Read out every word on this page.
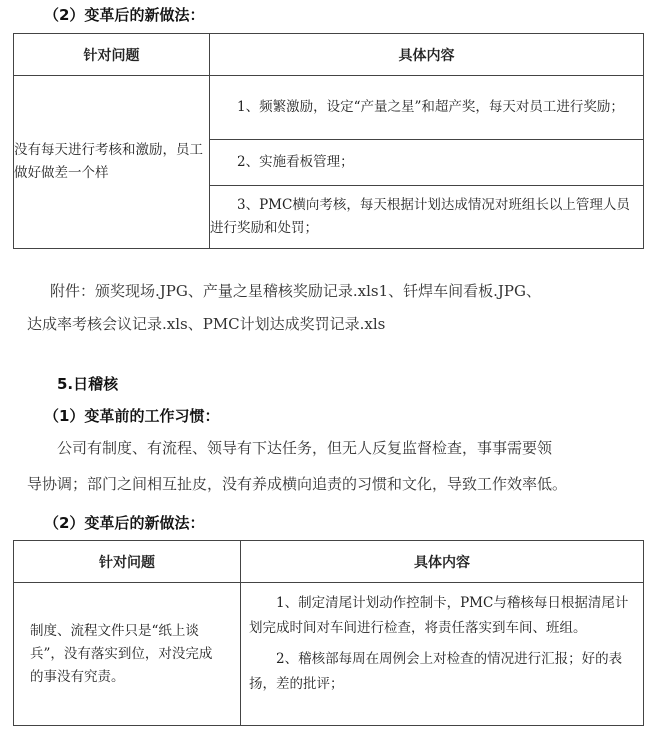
（2）变革后的新做法：
针对问题	具体内容
没有每天进行考核和激励，员工做好做差一个样	1、频繁激励，设定“产量之星”和超产奖，每天对员工进行奖励；
	2、实施看板管理；
	3、PMC横向考核，每天根据计划达成情况对班组长以上管理人员进行奖励和处罚；
附件：颁奖现场.JPG、产量之星稽核奖励记录.xls1、钎焊车间看板.JPG、
达成率考核会议记录.xls、PMC计划达成奖罚记录.xls
5.日稽核
（1）变革前的工作习惯：
公司有制度、有流程、领导有下达任务，但无人反复监督检查，事事需要领
导协调；部门之间相互扯皮，没有养成横向追责的习惯和文化，导致工作效率低。
（2）变革后的新做法：
针对问题	具体内容
制度、流程文件只是“纸上谈兵”，没有落实到位，对没完成的事没有究责。	1、制定清尾计划动作控制卡，PMC与稽核每日根据清尾计划完成时间对车间进行检查，将责任落实到车间、班组。
2、稽核部每周在周例会上对检查的情况进行汇报；好的表扬，差的批评；
